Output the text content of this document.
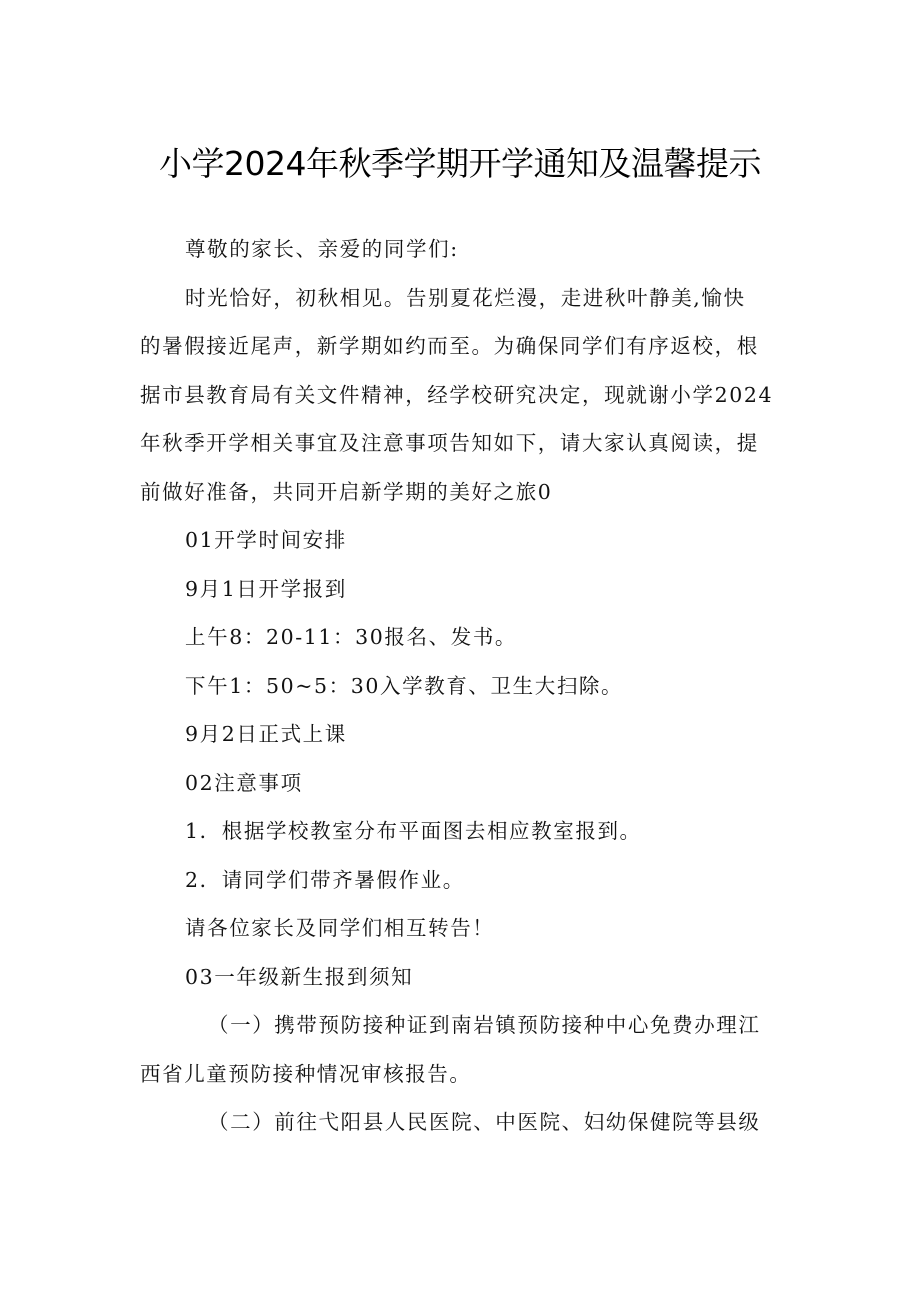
小学2024年秋季学期开学通知及温馨提示

尊敬的家长、亲爱的同学们:

时光恰好，初秋相见。告别夏花烂漫，走进秋叶静美,愉快
的暑假接近尾声，新学期如约而至。为确保同学们有序返校，根
据市县教育局有关文件精神，经学校研究决定，现就谢小学2024
年秋季开学相关事宜及注意事项告知如下，请大家认真阅读，提
前做好准备，共同开启新学期的美好之旅0

01开学时间安排

9月1日开学报到

上午8：20-11：30报名、发书。

下午1：50~5：30入学教育、卫生大扫除。

9月2日正式上课

02注意事项

1．根据学校教室分布平面图去相应教室报到。

2．请同学们带齐暑假作业。

请各位家长及同学们相互转告！

03一年级新生报到须知

（一）携带预防接种证到南岩镇预防接种中心免费办理江
西省儿童预防接种情况审核报告。

（二）前往弋阳县人民医院、中医院、妇幼保健院等县级
